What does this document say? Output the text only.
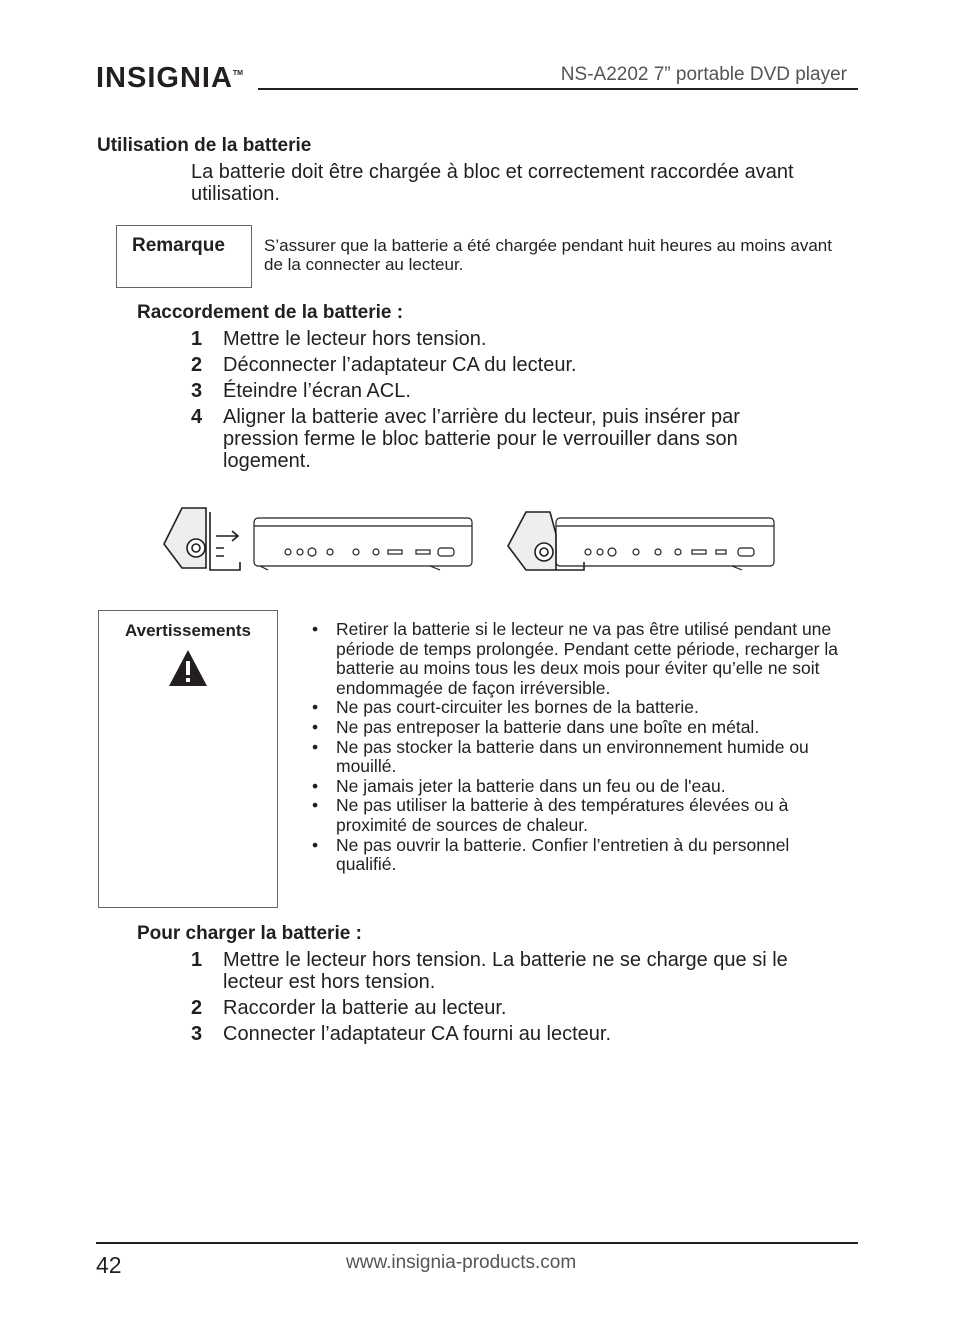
INSIGNIA™	NS-A2202 7” portable DVD player
Utilisation de la batterie

La batterie doit être chargée à bloc et correctement raccordée avant utilisation.

Remarque S’assurer que la batterie a été chargée pendant huit heures au moins avant de la connecter au lecteur.
Raccordement de la batterie :
1 Mettre le lecteur hors tension.
2 Déconnecter l’adaptateur CA du lecteur.
3 Éteindre l’écran ACL.
4 Aligner la batterie avec l’arrière du lecteur, puis insérer par pression ferme le bloc batterie pour le verrouiller dans son logement.
Avertissements
•	Retirer la batterie si le lecteur ne va pas être utilisé pendant une période de temps prolongée. Pendant cette période, recharger la batterie au moins tous les deux mois pour éviter qu’elle ne soit endommagée de façon irréversible.
• Ne pas court-circuiter les bornes de la batterie.
• Ne pas entreposer la batterie dans une boîte en métal.
• Ne pas stocker la batterie dans un environnement humide ou mouillé.
• Ne jamais jeter la batterie dans un feu ou de l'eau.
• Ne pas utiliser la batterie à des températures élevées ou à proximité de sources de chaleur.
• Ne pas ouvrir la batterie. Confier l’entretien à du personnel qualifié.
Pour charger la batterie :
1 Mettre le lecteur hors tension. La batterie ne se charge que si le lecteur est hors tension.
2 Raccorder la batterie au lecteur.
3 Connecter l’adaptateur CA fourni au lecteur.
42	www.insignia-products.com
